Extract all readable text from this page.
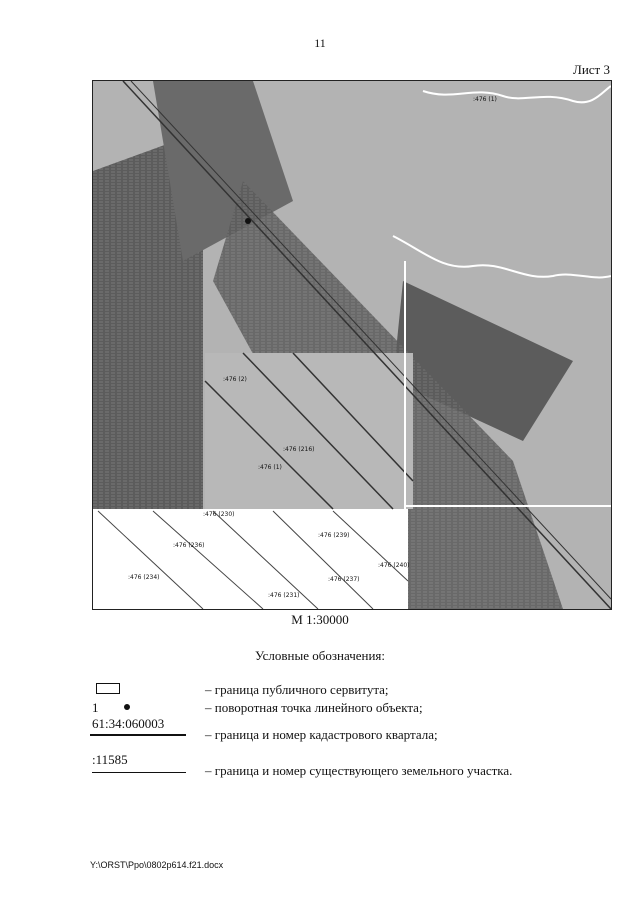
11
Лист 3
:476 (1)
:476 (2)
:476 (1)
:476 (216)
:476 (230)
:476 (236)
:476 (234)
:476 (231)
:476 (237)
:476 (239)
:476 (240)
М 1:30000
Условные обозначения:
– граница публичного сервитута;
1	– поворотная точка линейного объекта;
61:34:060003
– граница и номер кадастрового квартала;
:11585
– граница и номер существующего земельного участка.
Y:\ORST\Ppo\0802p614.f21.docx
